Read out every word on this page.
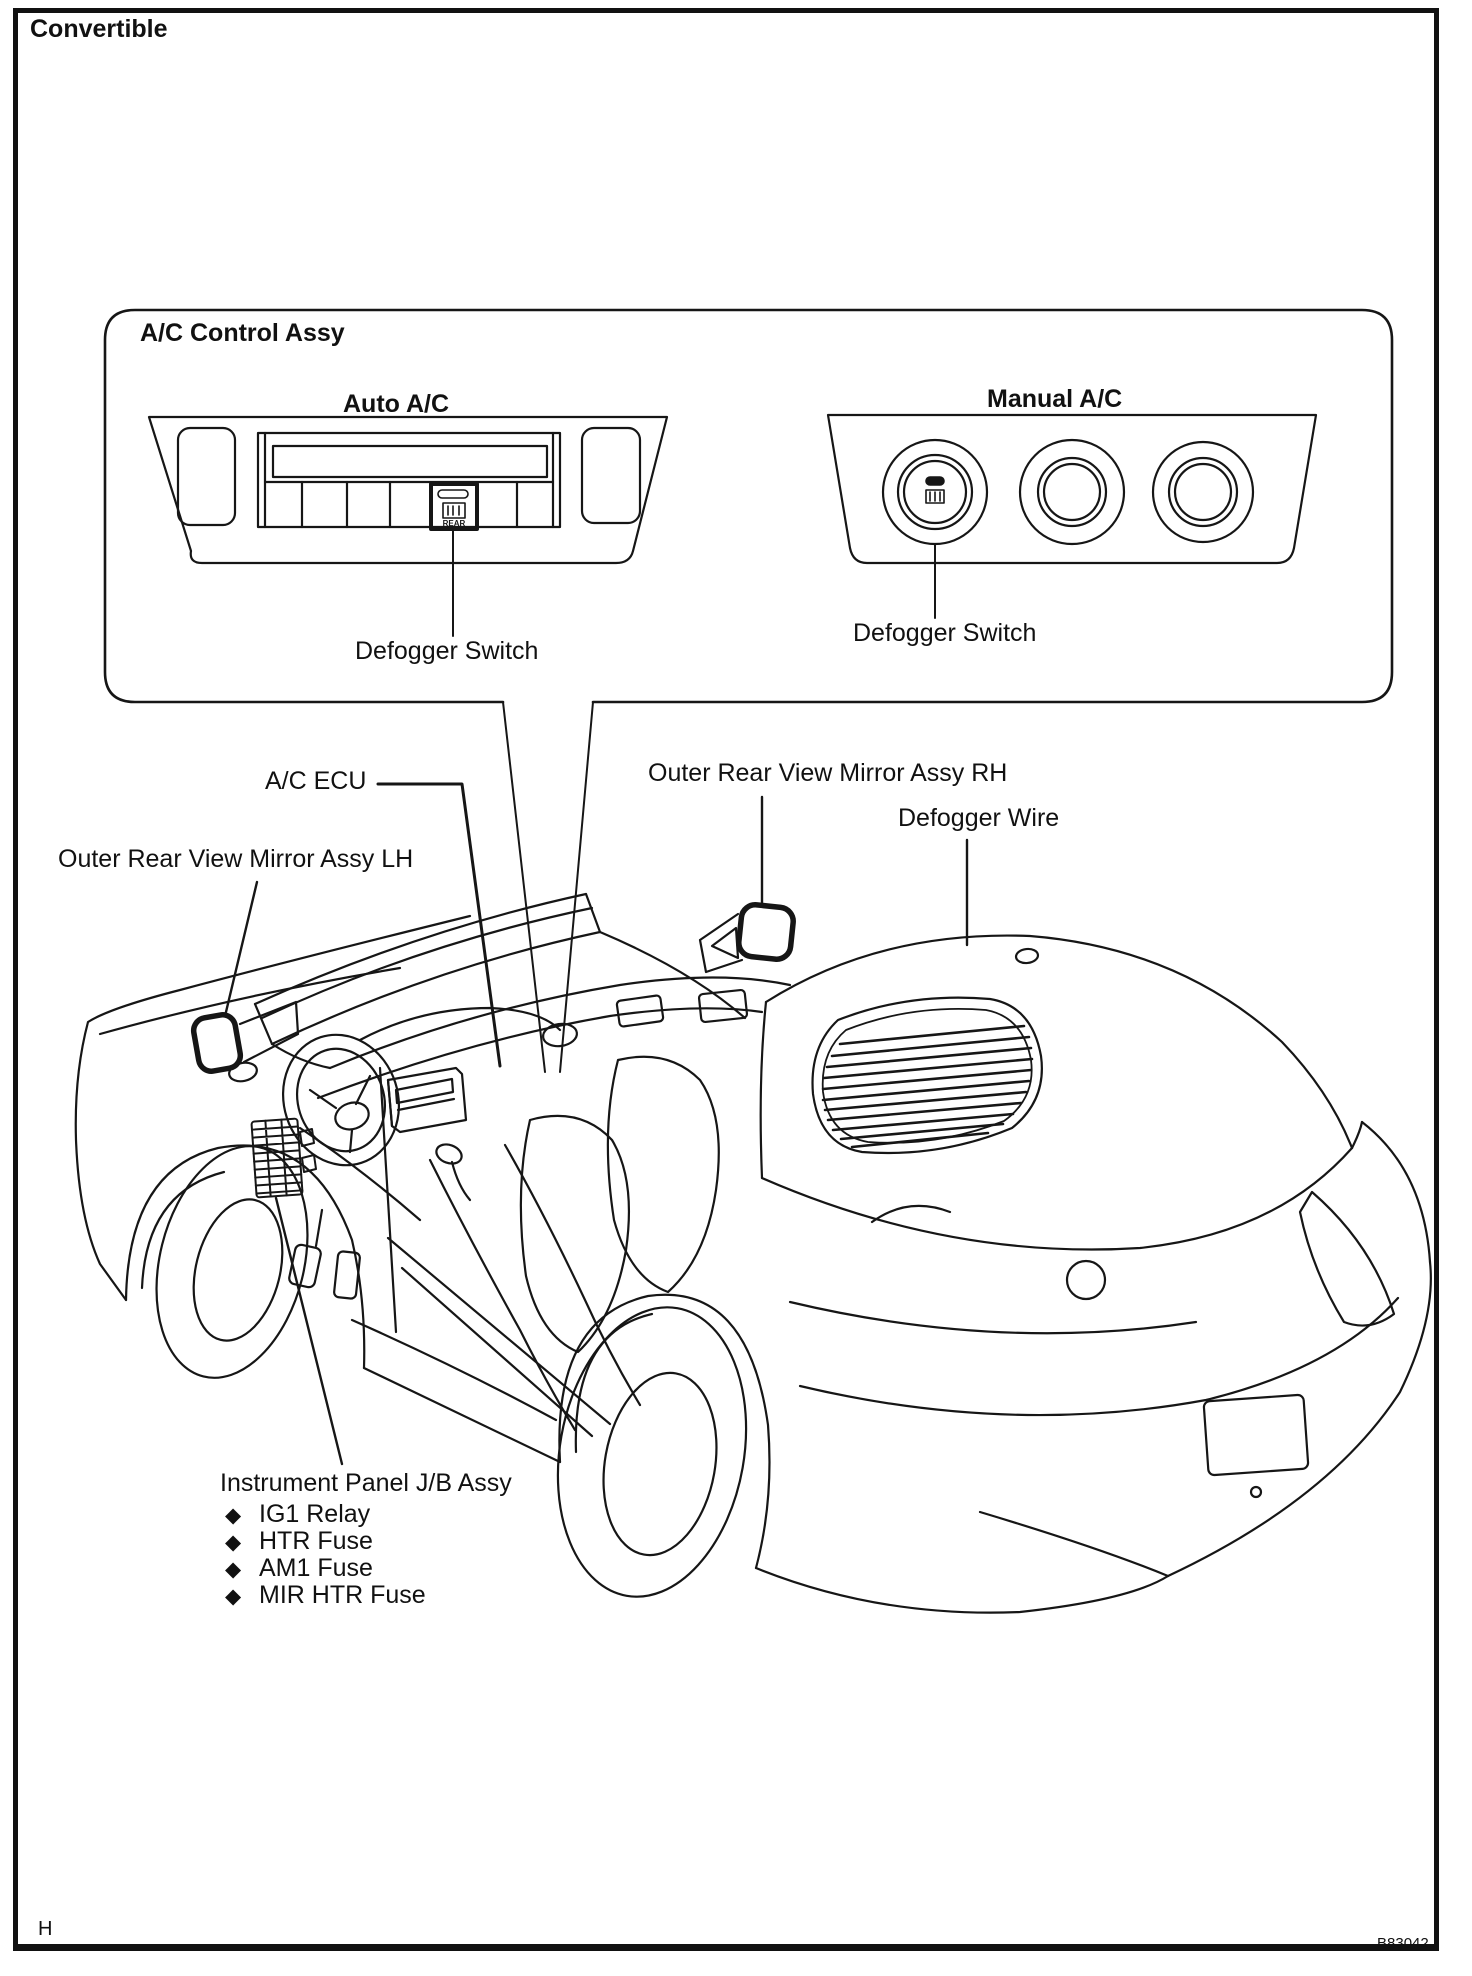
REAR
Convertible
A/C Control Assy
Auto A/C	Manual A/C
Defogger Switch
Defogger Switch
A/C ECU	Outer Rear View Mirror Assy RH
Defogger Wire
Outer Rear View Mirror Assy LH
Instrument Panel J/B Assy
◆ IG1 Relay
◆ HTR Fuse
◆ AM1 Fuse
◆ MIR HTR Fuse
H
B83042
